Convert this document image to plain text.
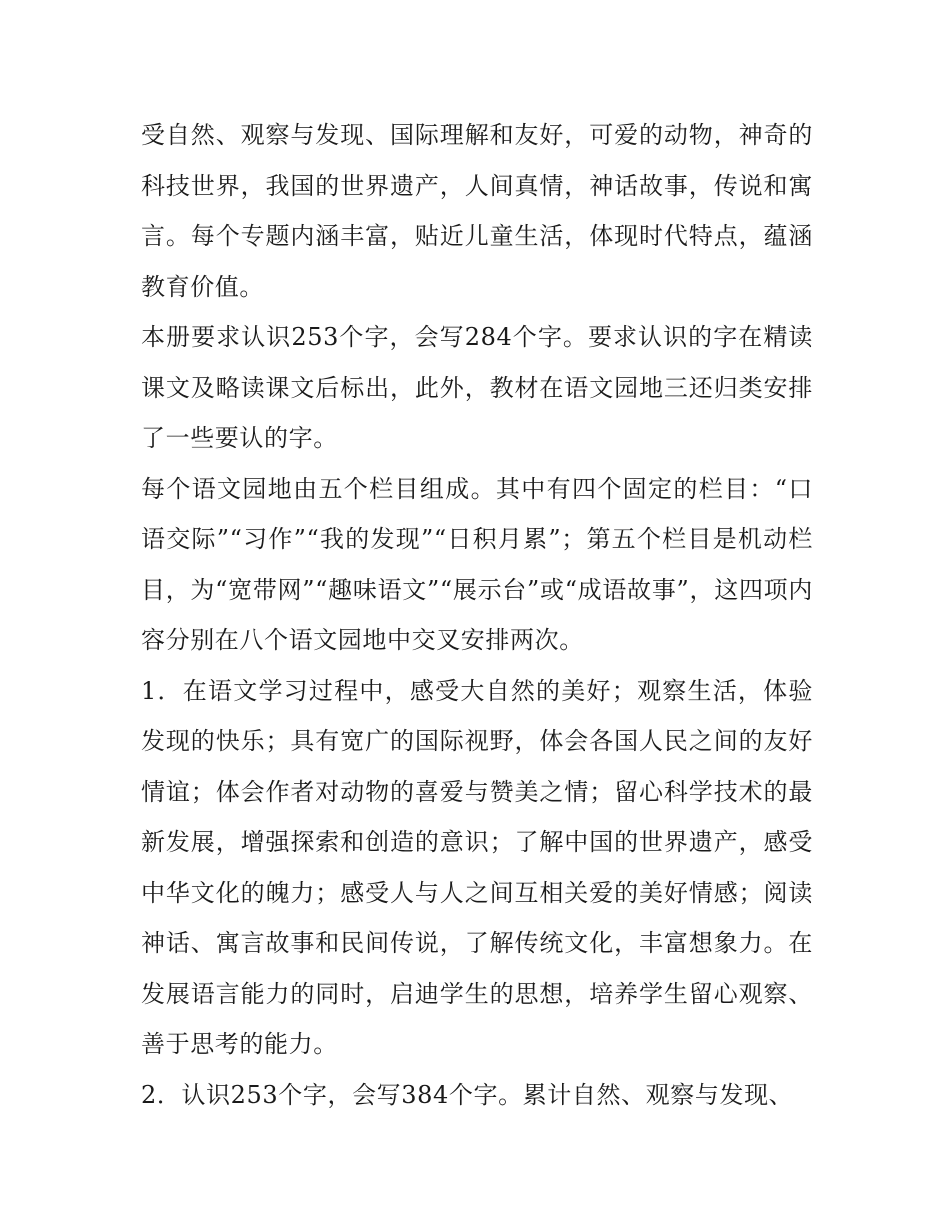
受自然、观察与发现、国际理解和友好，可爱的动物，神奇的科技世界，我国的世界遗产，人间真情，神话故事，传说和寓言。每个专题内涵丰富，贴近儿童生活，体现时代特点，蕴涵教育价值。

本册要求认识253个字，会写284个字。要求认识的字在精读课文及略读课文后标出，此外，教材在语文园地三还归类安排了一些要认的字。

每个语文园地由五个栏目组成。其中有四个固定的栏目：“口语交际”“习作”“我的发现”“日积月累”；第五个栏目是机动栏目，为“宽带网”“趣味语文”“展示台”或“成语故事”，这四项内容分别在八个语文园地中交叉安排两次。

1．在语文学习过程中，感受大自然的美好；观察生活，体验发现的快乐；具有宽广的国际视野，体会各国人民之间的友好情谊；体会作者对动物的喜爱与赞美之情；留心科学技术的最新发展，增强探索和创造的意识；了解中国的世界遗产，感受中华文化的魄力；感受人与人之间互相关爱的美好情感；阅读神话、寓言故事和民间传说，了解传统文化，丰富想象力。在发展语言能力的同时，启迪学生的思想，培养学生留心观察、善于思考的能力。

2．认识253个字，会写384个字。累计自然、观察与发现、
